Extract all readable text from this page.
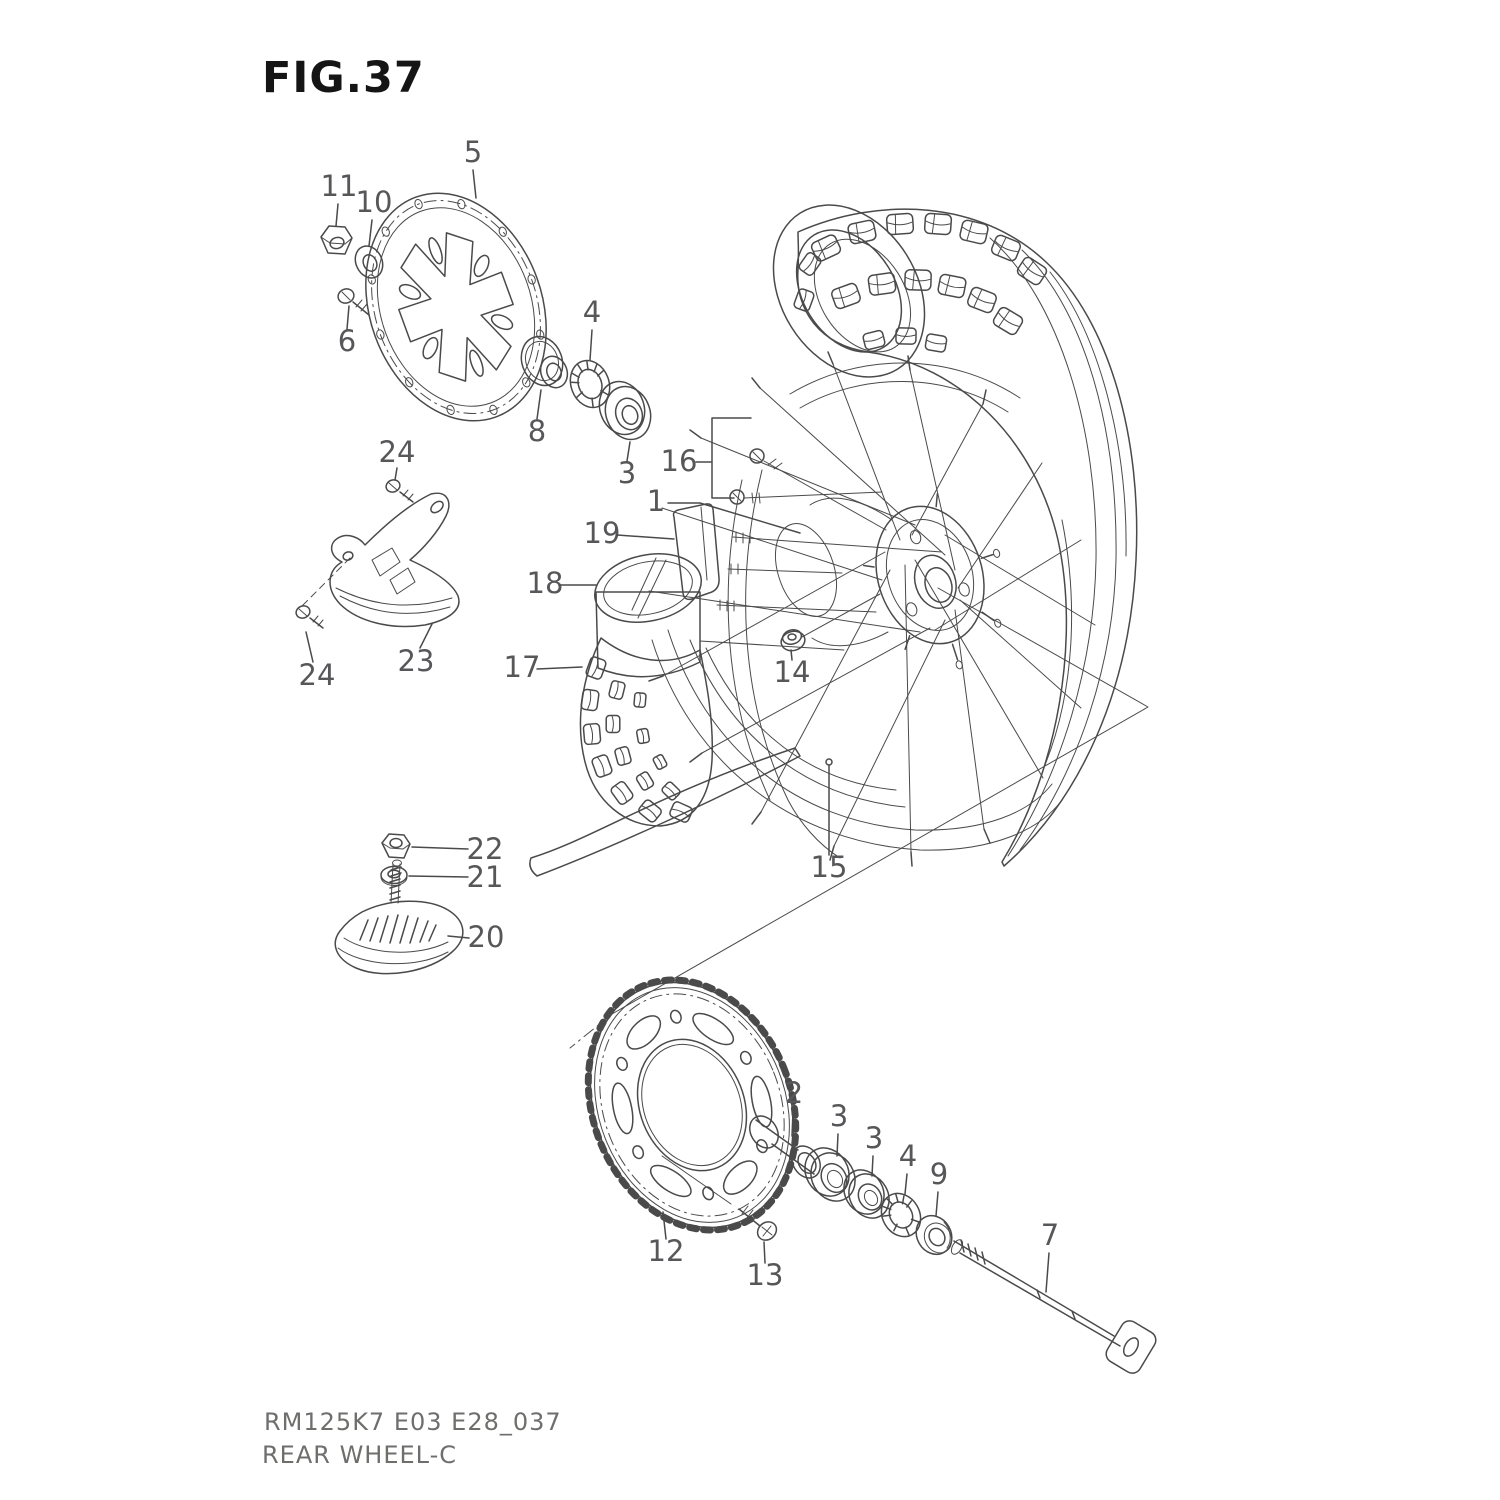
5
11
10
6
8
4
3
24
23
24
16
1
19
18
17	14
15
22
21
20
12
13
2
3
3
4
9
7
FIG.37
RM125K7 E03 E28_037
REAR WHEEL-C
